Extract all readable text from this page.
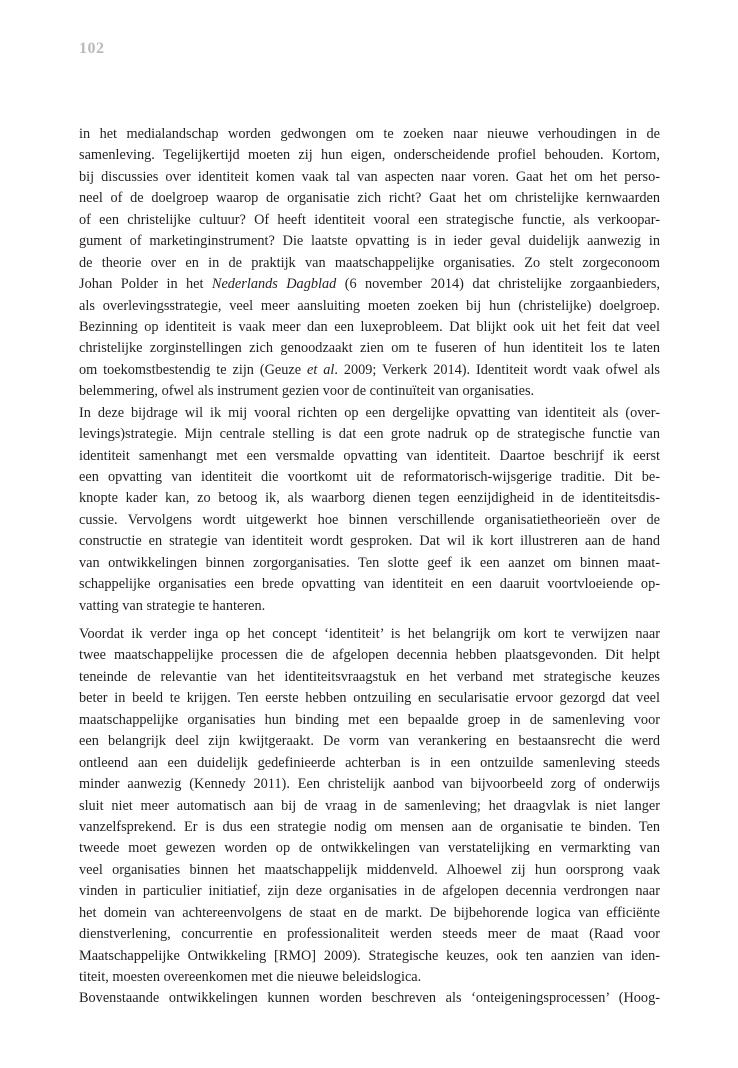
102
in het medialandschap worden gedwongen om te zoeken naar nieuwe verhoudingen in de
samenleving. Tegelijkertijd moeten zij hun eigen, onderscheidende profiel behouden. Kortom,
bij discussies over identiteit komen vaak tal van aspecten naar voren. Gaat het om het perso-
neel of de doelgroep waarop de organisatie zich richt? Gaat het om christelijke kernwaarden
of een christelijke cultuur? Of heeft identiteit vooral een strategische functie, als verkoopar-
gument of marketinginstrument? Die laatste opvatting is in ieder geval duidelijk aanwezig in
de theorie over en in de praktijk van maatschappelijke organisaties. Zo stelt zorgeconoom
Johan Polder in het Nederlands Dagblad (6 november 2014) dat christelijke zorgaanbieders,
als overlevingsstrategie, veel meer aansluiting moeten zoeken bij hun (christelijke) doelgroep.
Bezinning op identiteit is vaak meer dan een luxeprobleem. Dat blijkt ook uit het feit dat veel
christelijke zorginstellingen zich genoodzaakt zien om te fuseren of hun identiteit los te laten
om toekomstbestendig te zijn (Geuze et al. 2009; Verkerk 2014). Identiteit wordt vaak ofwel als
belemmering, ofwel als instrument gezien voor de continuïteit van organisaties.
In deze bijdrage wil ik mij vooral richten op een dergelijke opvatting van identiteit als (over-
levings)strategie. Mijn centrale stelling is dat een grote nadruk op de strategische functie van
identiteit samenhangt met een versmalde opvatting van identiteit. Daartoe beschrijf ik eerst
een opvatting van identiteit die voortkomt uit de reformatorisch-wijsgerige traditie. Dit be-
knopte kader kan, zo betoog ik, als waarborg dienen tegen eenzijdigheid in de identiteitsdis-
cussie. Vervolgens wordt uitgewerkt hoe binnen verschillende organisatietheorieën over de
constructie en strategie van identiteit wordt gesproken. Dat wil ik kort illustreren aan de hand
van ontwikkelingen binnen zorgorganisaties. Ten slotte geef ik een aanzet om binnen maat-
schappelijke organisaties een brede opvatting van identiteit en een daaruit voortvloeiende op-
vatting van strategie te hanteren.
Voordat ik verder inga op het concept ‘identiteit’ is het belangrijk om kort te verwijzen naar
twee maatschappelijke processen die de afgelopen decennia hebben plaatsgevonden. Dit helpt
teneinde de relevantie van het identiteitsvraagstuk en het verband met strategische keuzes
beter in beeld te krijgen. Ten eerste hebben ontzuiling en secularisatie ervoor gezorgd dat veel
maatschappelijke organisaties hun binding met een bepaalde groep in de samenleving voor
een belangrijk deel zijn kwijtgeraakt. De vorm van verankering en bestaansrecht die werd
ontleend aan een duidelijk gedefinieerde achterban is in een ontzuilde samenleving steeds
minder aanwezig (Kennedy 2011). Een christelijk aanbod van bijvoorbeeld zorg of onderwijs
sluit niet meer automatisch aan bij de vraag in de samenleving; het draagvlak is niet langer
vanzelfsprekend. Er is dus een strategie nodig om mensen aan de organisatie te binden. Ten
tweede moet gewezen worden op de ontwikkelingen van verstatelijking en vermarkting van
veel organisaties binnen het maatschappelijk middenveld. Alhoewel zij hun oorsprong vaak
vinden in particulier initiatief, zijn deze organisaties in de afgelopen decennia verdrongen naar
het domein van achtereenvolgens de staat en de markt. De bijbehorende logica van efficiënte
dienstverlening, concurrentie en professionaliteit werden steeds meer de maat (Raad voor
Maatschappelijke Ontwikkeling [RMO] 2009). Strategische keuzes, ook ten aanzien van iden-
titeit, moesten overeenkomen met die nieuwe beleidslogica.
Bovenstaande ontwikkelingen kunnen worden beschreven als ‘onteigeningsprocessen’ (Hoog-
